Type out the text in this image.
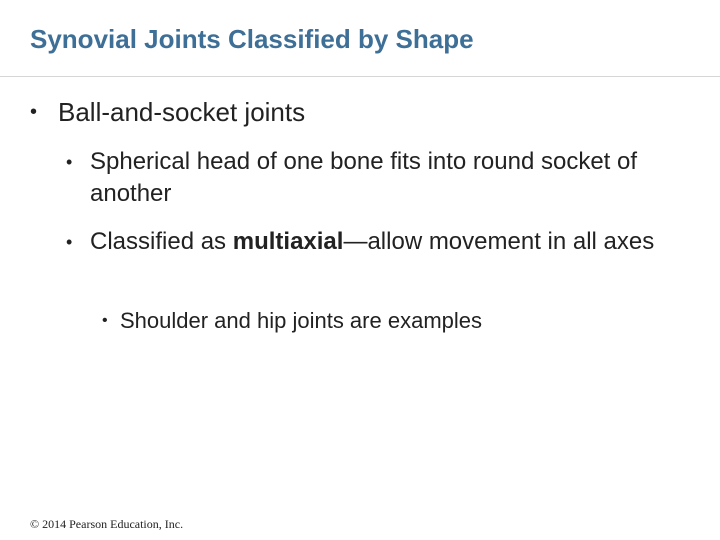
Synovial Joints Classified by Shape
• Ball-and-socket joints
• Spherical head of one bone fits into round socket of another
• Classified as multiaxial—allow movement in all axes
• Shoulder and hip joints are examples
© 2014 Pearson Education, Inc.
